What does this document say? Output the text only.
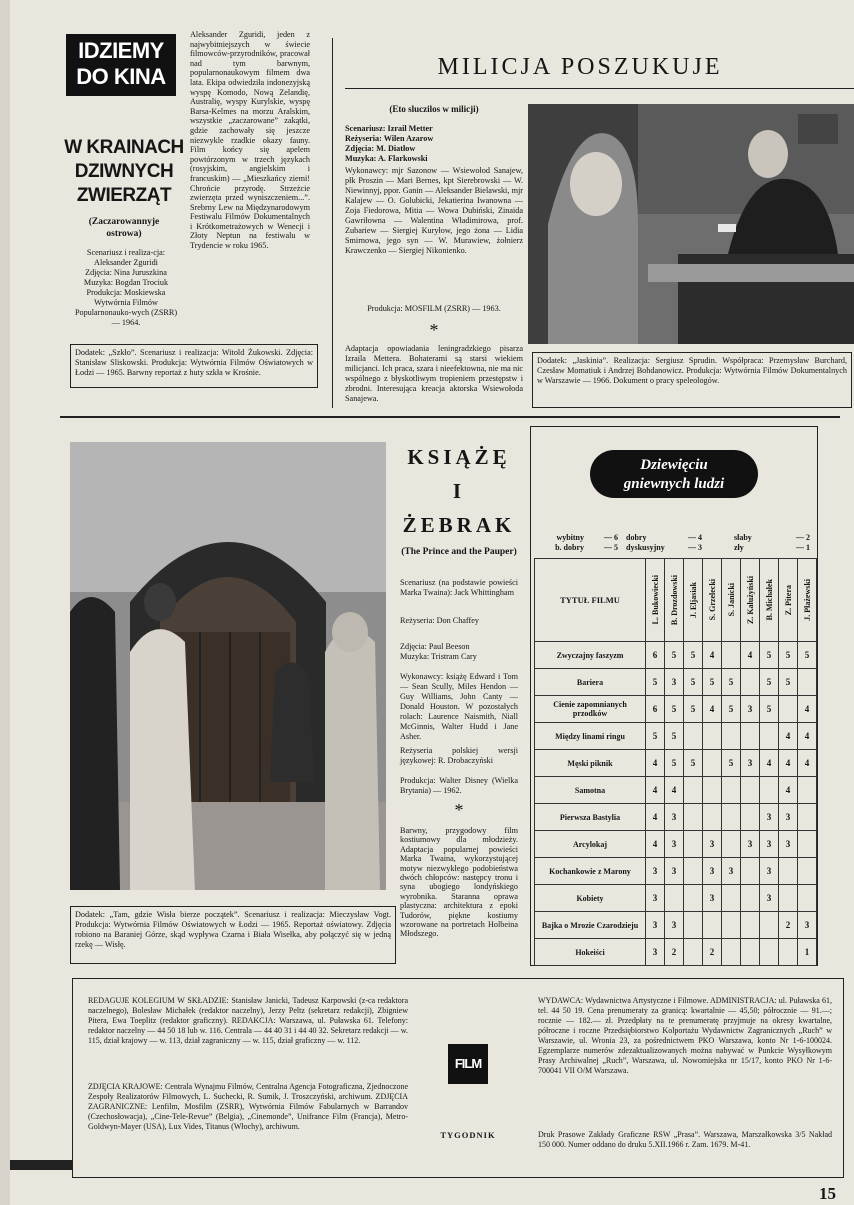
IDZIEMY
DO KINA
W KRAINACH
DZIWNYCH
ZWIERZĄT
(Zaczarowannyje ostrowa)
Scenariusz i realiza-cja: Aleksander Zguridi
Zdjęcia: Nina Juruszkina
Muzyka: Bogdan Trociuk
Produkcja: Moskiewska Wytwórnia Filmów Popularnonauko-wych (ZSRR) — 1964.
Aleksander Zguridi, jeden z najwybitniejszych w świecie filmowców-przyrodników, pracował nad tym barwnym, popularnonaukowym filmem dwa lata. Ekipa odwiedziła indonezyjską wyspę Komodo, Nową Zelandię, Australię, wyspy Kurylskie, wyspę Barsa-Kelmes na morzu Aralskim, wszystkie „zaczarowane” zakątki, gdzie zachowały się jeszcze niezwykle rzadkie okazy fauny. Film końcy się apelem powtórzonym w trzech językach (rosyjskim, angielskim i francuskim) — „Mieszkańcy ziemi! Chrońcie przyrodę. Strzeżcie zwierzęta przed wyniszczeniem...”. Srebrny Lew na Międzynarodowym Festiwalu Filmów Dokumentalnych i Krótkometrażowych w Wenecji i Złoty Neptun na festiwalu w Trydencie w roku 1965.
Dodatek: „Szkło”. Scenariusz i realizacja: Witold Żukowski. Zdjęcia: Stanisław Sliskowski. Produkcja: Wytwórnia Filmów Oświatowych w Łodzi — 1965. Barwny reportaż z huty szkła w Krośnie.
MILICJA POSZUKUJE
(Eto sluczilos w milicji)
Scenariusz: Izrail Metter
Reżyseria: Wilen Azarow
Zdjęcia: M. Diatłow
Muzyka: A. Flarkowski
Wykonawcy: mjr Sazonow — Wsiewołod Sanajew, płk Proszin — Mari Bernes, kpt Sierebrowski — W. Niewinnyj, ppor. Ganin — Aleksander Bielawski, mjr Kalajew — O. Golubicki, Jekatierina Iwanowna — Zoja Fiedorowa, Mitia — Wowa Dubiński, Zinaida Gawriłowna — Walentina Władimirowa, prof. Zubariew — Siergiej Kuryłow, jego żona — Lidia Smirnowa, jego syn — W. Murawiew, żołnierz Krawczenko — Siergiej Nikonienko.
Produkcja: MOSFILM (ZSRR) — 1963.
*
Adaptacja opowiadania leningradzkiego pisarza Izraila Mettera. Bohaterami są starsi wiekiem milicjanci. Ich praca, szara i nieefektowna, nie ma nic wspólnego z błyskotliwym tropieniem przestępstw i zbrodni. Interesująca kreacja aktorska Wsiewołoda Sanajewa.
Dodatek: „Jaskinia”. Realizacja: Sergiusz Sprudin. Współpraca: Przemysław Burchard, Czesław Momatiuk i Andrzej Bohdanowicz. Produkcja: Wytwórnia Filmów Dokumentalnych w Warszawie — 1966. Dokument o pracy speleologów.
KSIĄŻĘ
I
ŻEBRAK
(The Prince and the Pauper)
Scenariusz (na podstawie powieści Marka Twaina): Jack Whittingham
Reżyseria: Don Chaffey
Zdjęcia: Paul Beeson
Muzyka: Tristram Cary
Wykonawcy: książę Edward i Tom — Sean Scully, Miles Hendon — Guy Williams, John Canty — Donald Houston. W pozostałych rolach: Laurence Naismith, Niall McGinnis, Walter Hudd i Jane Asher.
Reżyseria polskiej wersji językowej: R. Drobaczyński
Produkcja: Walter Disney (Wielka Brytania) — 1962.
*
Barwny, przygodowy film kostiumowy dla młodzieży. Adaptacja popularnej powieści Marka Twaina, wykorzystującej motyw niezwykłego podobieństwa dwóch chłopców: następcy tronu i syna ubogiego londyńskiego wyrobnika. Staranna oprawa plastyczna: architektura z epoki Tudorów, piękne kostiumy wzorowane na portretach Holbeina Młodszego.
Dodatek: „Tam, gdzie Wisła bierze początek”. Scenariusz i realizacja: Mieczysław Vogt. Produkcja: Wytwórnia Filmów Oświatowych w Łodzi — 1965. Reportaż oświatowy. Zdjęcia robiono na Baraniej Górze, skąd wypływa Czarna i Biała Wisełka, aby połączyć się w jedną rzekę — Wisłę.
Dziewięciu
gniewnych ludzi
wybitny	— 6	dobry	— 4	słaby	— 2
b. dobry	— 5	dyskusyjny	— 3	zły	— 1
TYTUŁ FILMU	L. Bukowiecki	B. Drozdowski	J. Eljasiak	S. Grzelecki	S. Janicki	Z. Kałużyński	B. Michałek	Z. Pitera	J. Płażewski

Zwyczajny faszyzm	6	5	5	4		4	5	5	5
Bariera	5	3	5	5	5		5	5	
Cienie zapomnianych przodków	6	5	5	4	5	3	5		4
Między linami ringu	5	5						4	4
Męski piknik	4	5	5		5	3	4	4	4
Samotna	4	4						4	
Pierwsza Bastylia	4	3					3	3	
Arcylokaj	4	3		3		3	3	3	
Kochankowie z Marony	3	3		3	3		3		
Kobiety	3			3			3		
Bajka o Mrozie Czarodzieju	3	3						2	3
Hokeiści	3	2		2					1
REDAGUJE KOLEGIUM W SKŁADZIE: Stanisław Janicki, Tadeusz Karpowski (z-ca redaktora naczelnego), Bolesław Michałek (redaktor naczelny), Jerzy Peltz (sekretarz redakcji), Zbigniew Pitera, Ewa Toeplitz (redaktor graficzny). REDAKCJA: Warszawa, ul. Puławska 61. Telefony: redaktor naczelny — 44 50 18 lub w. 116. Centrala — 44 40 31 i 44 40 32. Sekretarz redakcji — w. 115, dział krajowy — w. 113, dział zagraniczny — w. 115, dział graficzny — w. 112.
ZDJĘCIA KRAJOWE: Centrala Wynajmu Filmów, Centralna Agencja Fotograficzna, Zjednoczone Zespoły Realizatorów Filmowych, L. Suchecki, R. Sumik, J. Troszczyński, archiwum. ZDJĘCIA ZAGRANICZNE: Lenfilm, Mosfilm (ZSRR), Wytwórnia Filmów Fabularnych w Barrandov (Czechosłowacja), „Cine-Tele-Revue” (Belgia), „Cinemonde”, Unifrance Film (Francja), Metro-Goldwyn-Mayer (USA), Lux Vides, Titanus (Włochy), archiwum.
FILM
TYGODNIK
WYDAWCA: Wydawnictwa Artystyczne i Filmowe. ADMINISTRACJA: ul. Puławska 61, tel. 44 50 19. Cena prenumeraty za granicą: kwartalnie — 45,50; półrocznie — 91.—; rocznie — 182.— zł. Przedpłaty na te prenumeratę przyjmuje na okresy kwartalne, półroczne i roczne Przedsiębiorstwo Kolportażu Wydawnictw Zagranicznych „Ruch” w Warszawie, ul. Wronia 23, za pośrednictwem PKO Warszawa, konto Nr 1-6-100024. Egzemplarze numerów zdezaktualizowanych można nabywać w Punkcie Wysyłkowym Prasy Archiwalnej „Ruch”, Warszawa, ul. Nowomiejska nr 15/17, konto PKO Nr 1-6-700041 VII O/M Warszawa.
Druk Prasowe Zakłady Graficzne RSW „Prasa”. Warszawa, Marszałkowska 3/5 Nakład 150 000. Numer oddano do druku 5.XII.1966 r. Zam. 1679. M-41.
15
